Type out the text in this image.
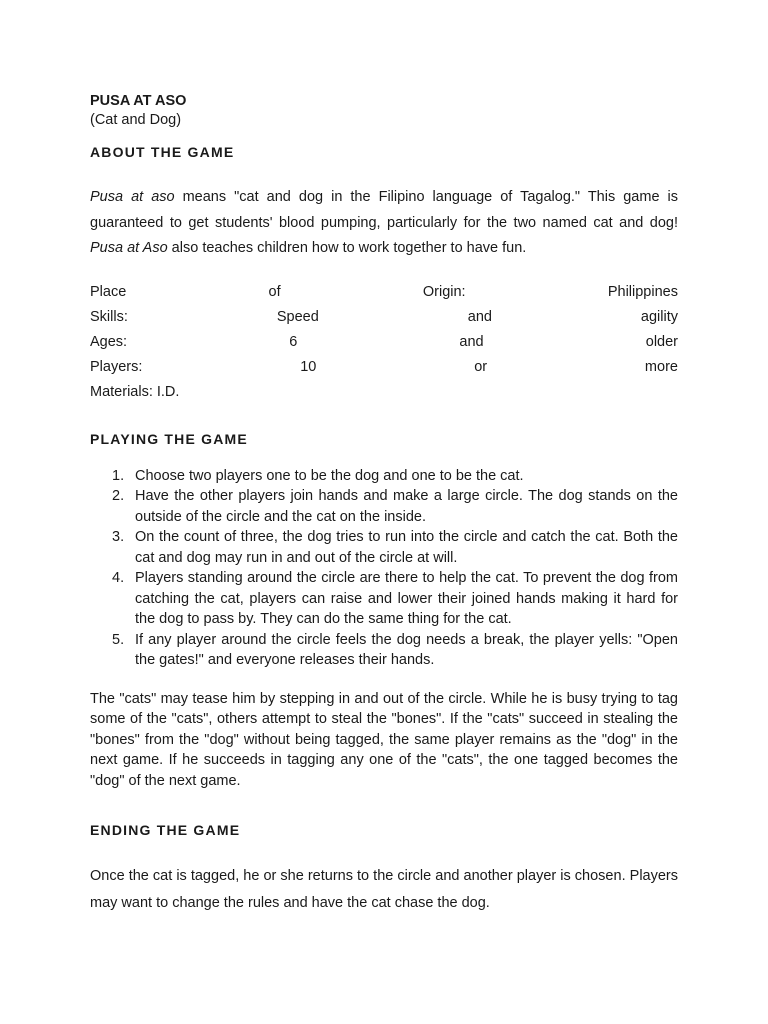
PUSA AT ASO
(Cat and Dog)
ABOUT THE GAME
Pusa at aso means "cat and dog in the Filipino language of Tagalog." This game is guaranteed to get students' blood pumping, particularly for the two named cat and dog! Pusa at Aso also teaches children how to work together to have fun.
Place	of	Origin:	Philippines
Skills:	Speed	and	agility
Ages:	6	and	older
Players:	10	or	more
Materials: I.D.
PLAYING THE GAME
1. Choose two players one to be the dog and one to be the cat.
2. Have the other players join hands and make a large circle. The dog stands on the outside of the circle and the cat on the inside.
3. On the count of three, the dog tries to run into the circle and catch the cat. Both the cat and dog may run in and out of the circle at will.
4. Players standing around the circle are there to help the cat. To prevent the dog from catching the cat, players can raise and lower their joined hands making it hard for the dog to pass by. They can do the same thing for the cat.
5. If any player around the circle feels the dog needs a break, the player yells: "Open the gates!" and everyone releases their hands.
The "cats" may tease him by stepping in and out of the circle. While he is busy trying to tag some of the "cats", others attempt to steal the "bones". If the "cats" succeed in stealing the "bones" from the "dog" without being tagged, the same player remains as the "dog" in the next game. If he succeeds in tagging any one of the "cats", the one tagged becomes the "dog" of the next game.
ENDING THE GAME
Once the cat is tagged, he or she returns to the circle and another player is chosen. Players may want to change the rules and have the cat chase the dog.
